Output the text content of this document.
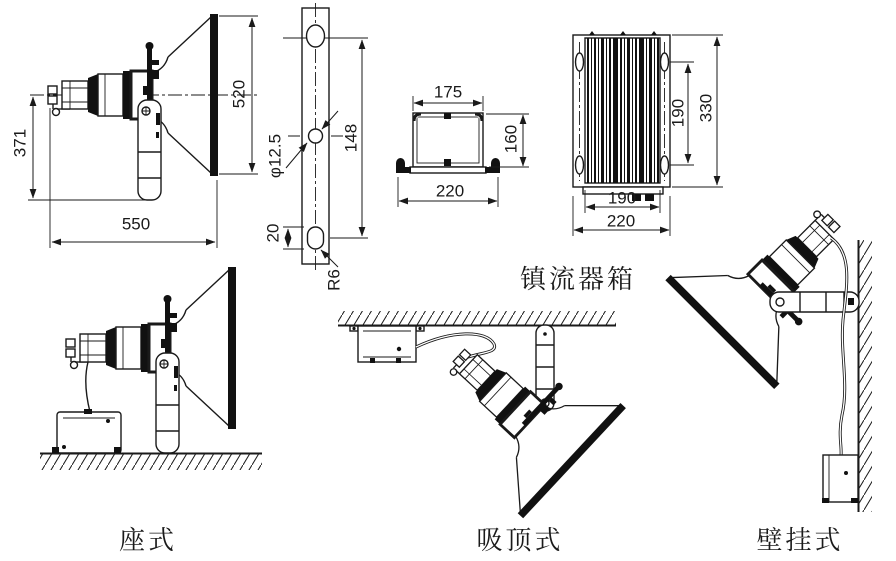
520
371
550
148
20
φ12.5
R6
175
160
220
330
190
190
220
镇流器箱
座式	吸顶式	壁挂式
